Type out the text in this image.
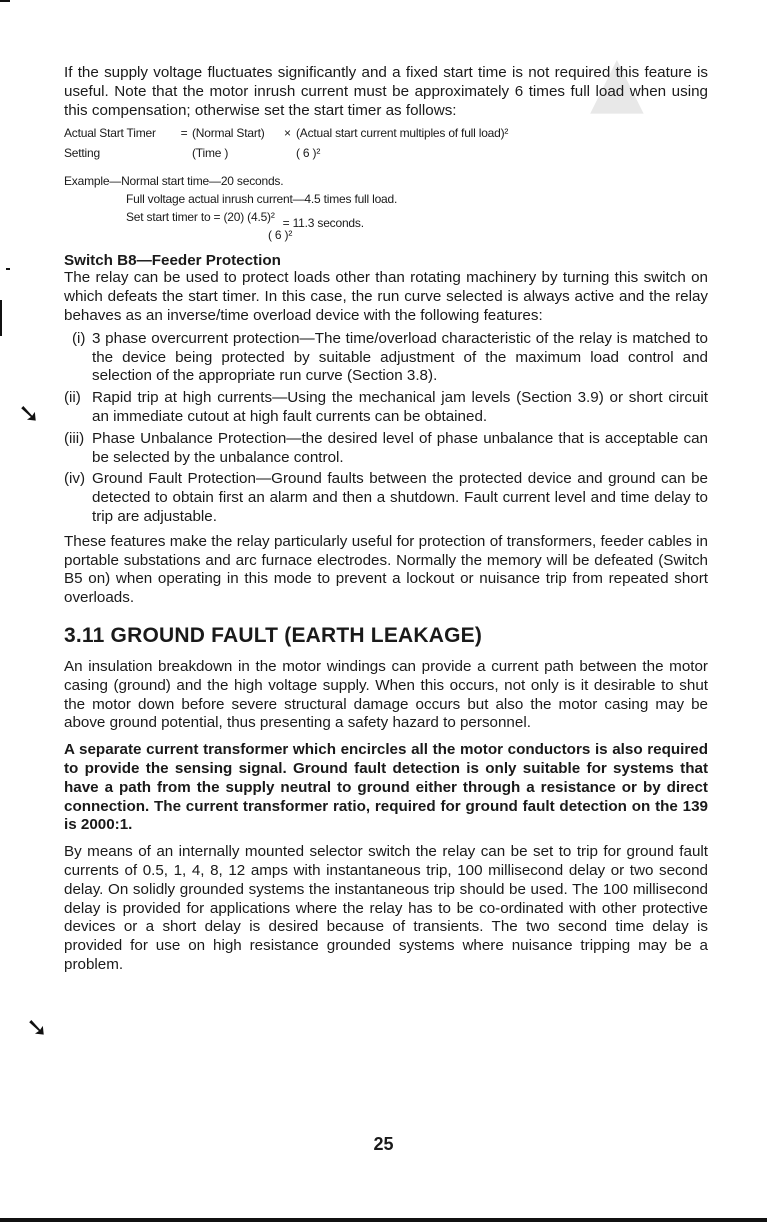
▲
➘
➘

If the supply voltage fluctuates significantly and a fixed start time is not required this feature is useful. Note that the motor inrush current must be approximately 6 times full load when using this compensation; otherwise set the start timer as follows:

Actual Start Timer	= (Normal Start)	× (Actual start current multiples of full load)²
Setting	(Time )	( 6 )²
Example—Normal start time—20 seconds.
Full voltage actual inrush current—4.5 times full load.
Set start timer to = (20) (4.5)² = 11.3 seconds.
( 6 )²
Switch B8—Feeder Protection

The relay can be used to protect loads other than rotating machinery by turning this switch on which defeats the start timer. In this case, the run curve selected is always active and the relay behaves as an inverse/time overload device with the following features:

(i) 3 phase overcurrent protection—The time/overload characteristic of the relay is matched to the device being protected by suitable adjustment of the maximum load control and selection of the appropriate run curve (Section 3.8).
(ii) Rapid trip at high currents—Using the mechanical jam levels (Section 3.9) or short circuit an immediate cutout at high fault currents can be obtained.
(iii) Phase Unbalance Protection—the desired level of phase unbalance that is acceptable can be selected by the unbalance control.
(iv) Ground Fault Protection—Ground faults between the protected device and ground can be detected to obtain first an alarm and then a shutdown. Fault current level and time delay to trip are adjustable.

These features make the relay particularly useful for protection of transformers, feeder cables in portable substations and arc furnace electrodes. Normally the memory will be defeated (Switch B5 on) when operating in this mode to prevent a lockout or nuisance trip from repeated short overloads.

3.11 GROUND FAULT (EARTH LEAKAGE)

An insulation breakdown in the motor windings can provide a current path between the motor casing (ground) and the high voltage supply. When this occurs, not only is it desirable to shut the motor down before severe structural damage occurs but also the motor casing may be above ground potential, thus presenting a safety hazard to personnel.

A separate current transformer which encircles all the motor conductors is also required to provide the sensing signal. Ground fault detection is only suitable for systems that have a path from the supply neutral to ground either through a resistance or by direct connection. The current transformer ratio, required for ground fault detection on the 139 is 2000:1.

By means of an internally mounted selector switch the relay can be set to trip for ground fault currents of 0.5, 1, 4, 8, 12 amps with instantaneous trip, 100 millisecond delay or two second delay. On solidly grounded systems the instantaneous trip should be used. The 100 millisecond delay is provided for applications where the relay has to be co-ordinated with other protective devices or a short delay is desired because of transients. The two second time delay is provided for use on high resistance grounded systems where nuisance tripping may be a problem.

25
